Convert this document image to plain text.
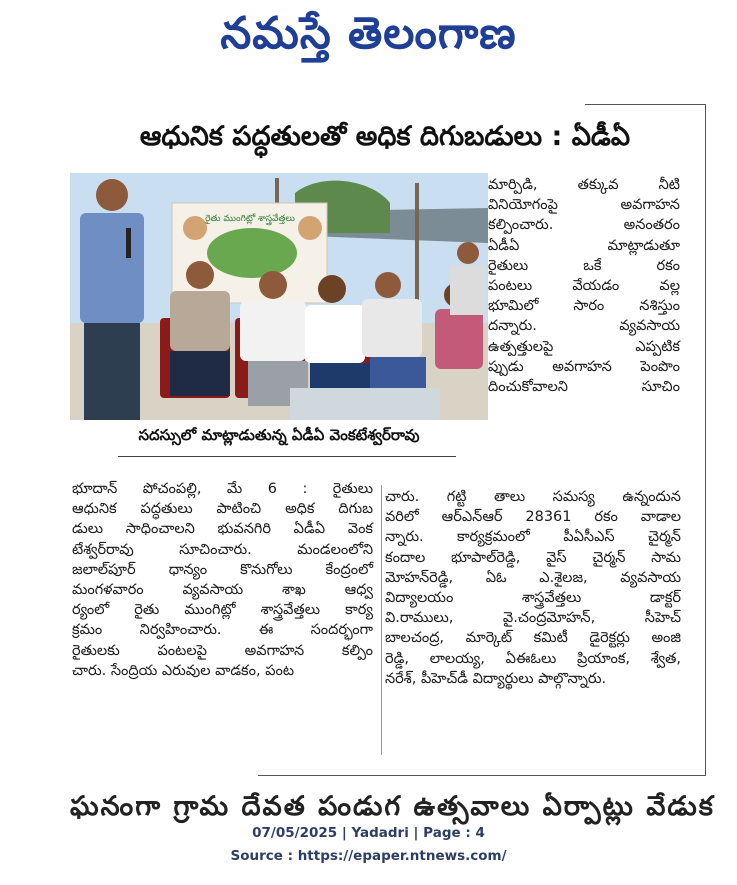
నమస్తే తెలంగాణ
ఆధునిక పద్ధతులతో అధిక దిగుబడులు : ఏడీఏ
రైతు ముంగిట్లో శాస్త్రవేత్తలు
సదస్సులో మాట్లాడుతున్న ఏడీఏ వెంకటేశ్వర్‌రావు
మార్పిడి, తక్కువ నీటి
వినియోగంపై అవగాహన
కల్పించారు. అనంతరం
ఏడీఏ మాట్లాడుతూ
రైతులు ఒకే రకం
పంటలు వేయడం వల్ల
భూమిలో సారం నశిస్తుం
దన్నారు. వ్యవసాయ
ఉత్పత్తులపై ఎప్పటిక
ప్పుడు అవగాహన పెంపొం
దించుకోవాలని సూచిం
భూదాన్ పోచంపల్లి, మే 6 : రైతులు
ఆధునిక పద్ధతులు పాటించి అధిక దిగుబ
డులు సాధించాలని భువనగిరి ఏడీఏ వెంక
టేశ్వర్‌రావు సూచించారు. మండలంలోని
జలాల్‌పూర్ ధాన్యం కొనుగోలు కేంద్రంలో
మంగళవారం వ్యవసాయ శాఖ ఆధ్వ
ర్యంలో రైతు ముంగిట్లో శాస్త్రవేత్తలు కార్య
క్రమం నిర్వహించారు. ఈ సందర్భంగా
రైతులకు పంటలపై అవగాహన కల్పిం
చారు. సేంద్రియ ఎరువుల వాడకం, పంట
చారు. గట్టి తాలు సమస్య ఉన్నందున
వరిలో ఆర్‌ఎన్‌ఆర్ 28361 రకం వాడాల
న్నారు. కార్యక్రమంలో పీఏసీఎస్ చైర్మన్
కందాల భూపాల్‌రెడ్డి, వైస్ చైర్మన్ సామ
మోహన్‌రెడ్డి, ఏఓ ఎ.శైలజ, వ్యవసాయ
విద్యాలయం శాస్త్రవేత్తలు డాక్టర్
వి.రాములు, వై.చంద్రమోహన్, సీహెచ్
బాలచంద్ర, మార్కెట్ కమిటీ డైరెక్టర్లు అంజి
రెడ్డి, లాలయ్య, ఏఈఓలు ప్రియాంక, శ్వేత,
నరేశ్, పీహెచ్‌డీ విద్యార్థులు పాల్గొన్నారు.
ఘనంగా గ్రామ దేవత పండుగ ఉత్సవాలు ఏర్పాట్లు వేడుక
07/05/2025 | Yadadri | Page : 4
Source : https://epaper.ntnews.com/
